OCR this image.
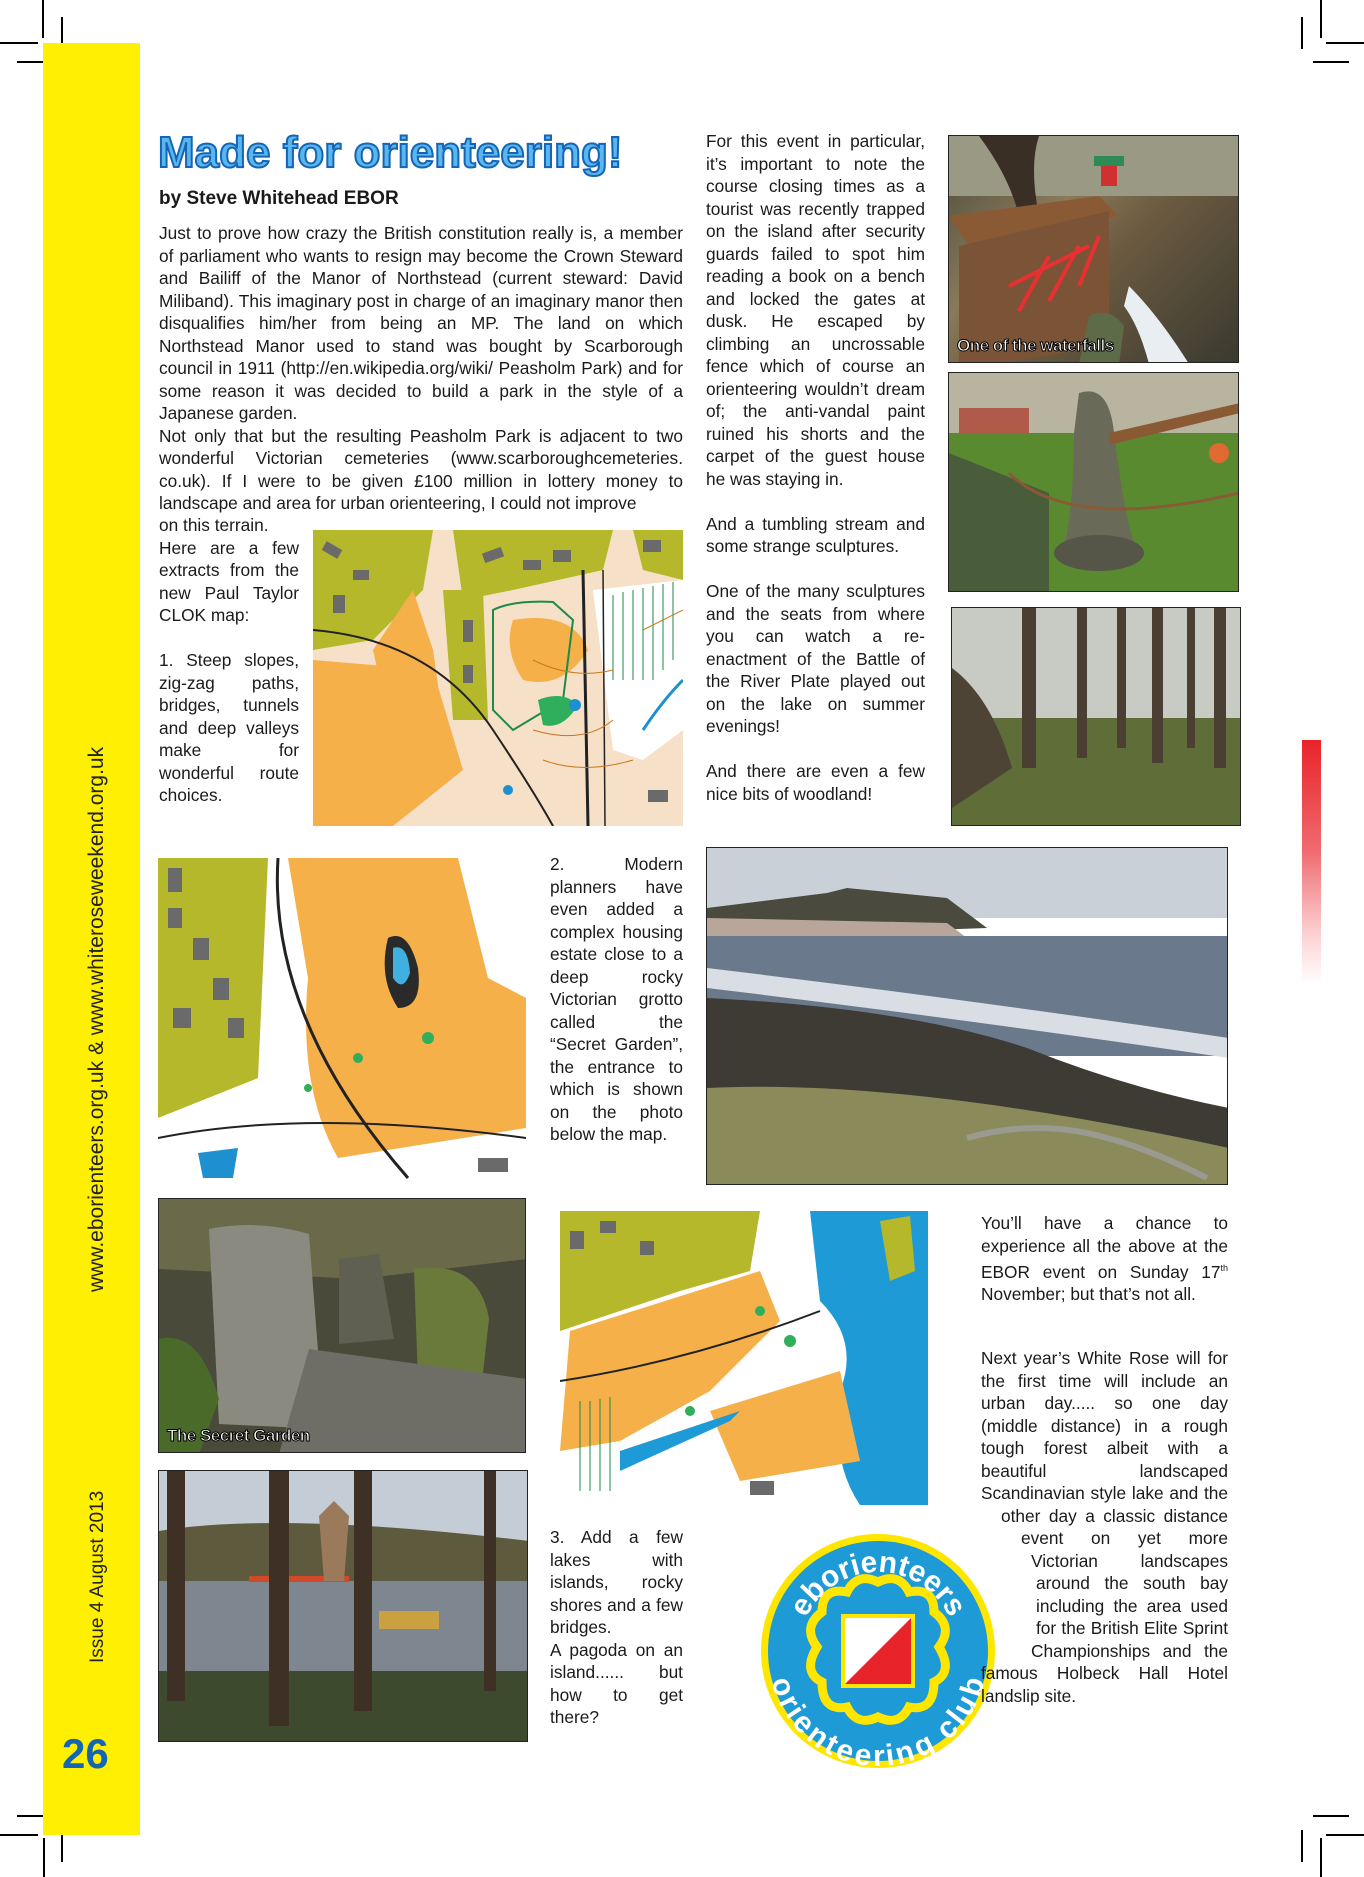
www.eborienteers.org.uk & www.whiteroseweekend.org.uk
Issue 4 August 2013
26
Made for orienteering!
by Steve Whitehead EBOR

Just to prove how crazy the British constitution really is, a member of parliament who wants to resign may become the Crown Steward and Bailiff of the Manor of Northstead (current steward: David Miliband). This imaginary post in charge of an imaginary manor then disqualifies him/her from being an MP. The land on which Northstead Manor used to stand was bought by Scarborough council in 1911 (http://en.wikipedia.org/wiki/ Peasholm Park) and for some reason it was decided to build a park in the style of a Japanese garden.

Not only that but the resulting Peasholm Park is adjacent to two wonderful Victorian cemeteries (www.scarboroughcemeteries. co.uk). If I were to be given £100 million in lottery money to landscape and area for urban orienteering, I could not improve

on this terrain.

Here are a few extracts from the new Paul Taylor CLOK map:

1. Steep slopes, zig-zag paths, bridges, tunnels and deep valleys make for wonderful route choices.

For this event in particular, it’s important to note the course closing times as a tourist was recently trapped on the island after security guards failed to spot him reading a book on a bench and locked the gates at dusk. He escaped by climbing an uncrossable fence which of course an orienteering wouldn’t dream of; the anti-vandal paint ruined his shorts and the carpet of the guest house he was staying in.

And a tumbling stream and some strange sculptures.

One of the many sculptures and the seats from where you can watch a re-enactment of the Battle of the River Plate played out on the lake on summer evenings!

And there are even a few nice bits of woodland!

One of the waterfalls

2. Modern planners have even added a complex housing estate close to a deep rocky Victorian grotto called the “Secret Garden”, the entrance to which is shown on the photo below the map.

The Secret Garden

3. Add a few lakes with islands, rocky shores and a few bridges.

A pagoda on an island...... but how to get there?

eborienteers
orienteering club

You’ll have a chance to experience all the above at the EBOR event on Sunday 17th November; but that’s not all.

Next year’s White Rose will for the first time will include an urban day..... so one day (middle distance) in a rough tough forest albeit with a beautiful landscaped Scandinavian style lake and the other day a classic distance event on yet more Victorian landscapes around the south bay including the area used for the British Elite Sprint Championships and the famous Holbeck Hall Hotel landslip site.
